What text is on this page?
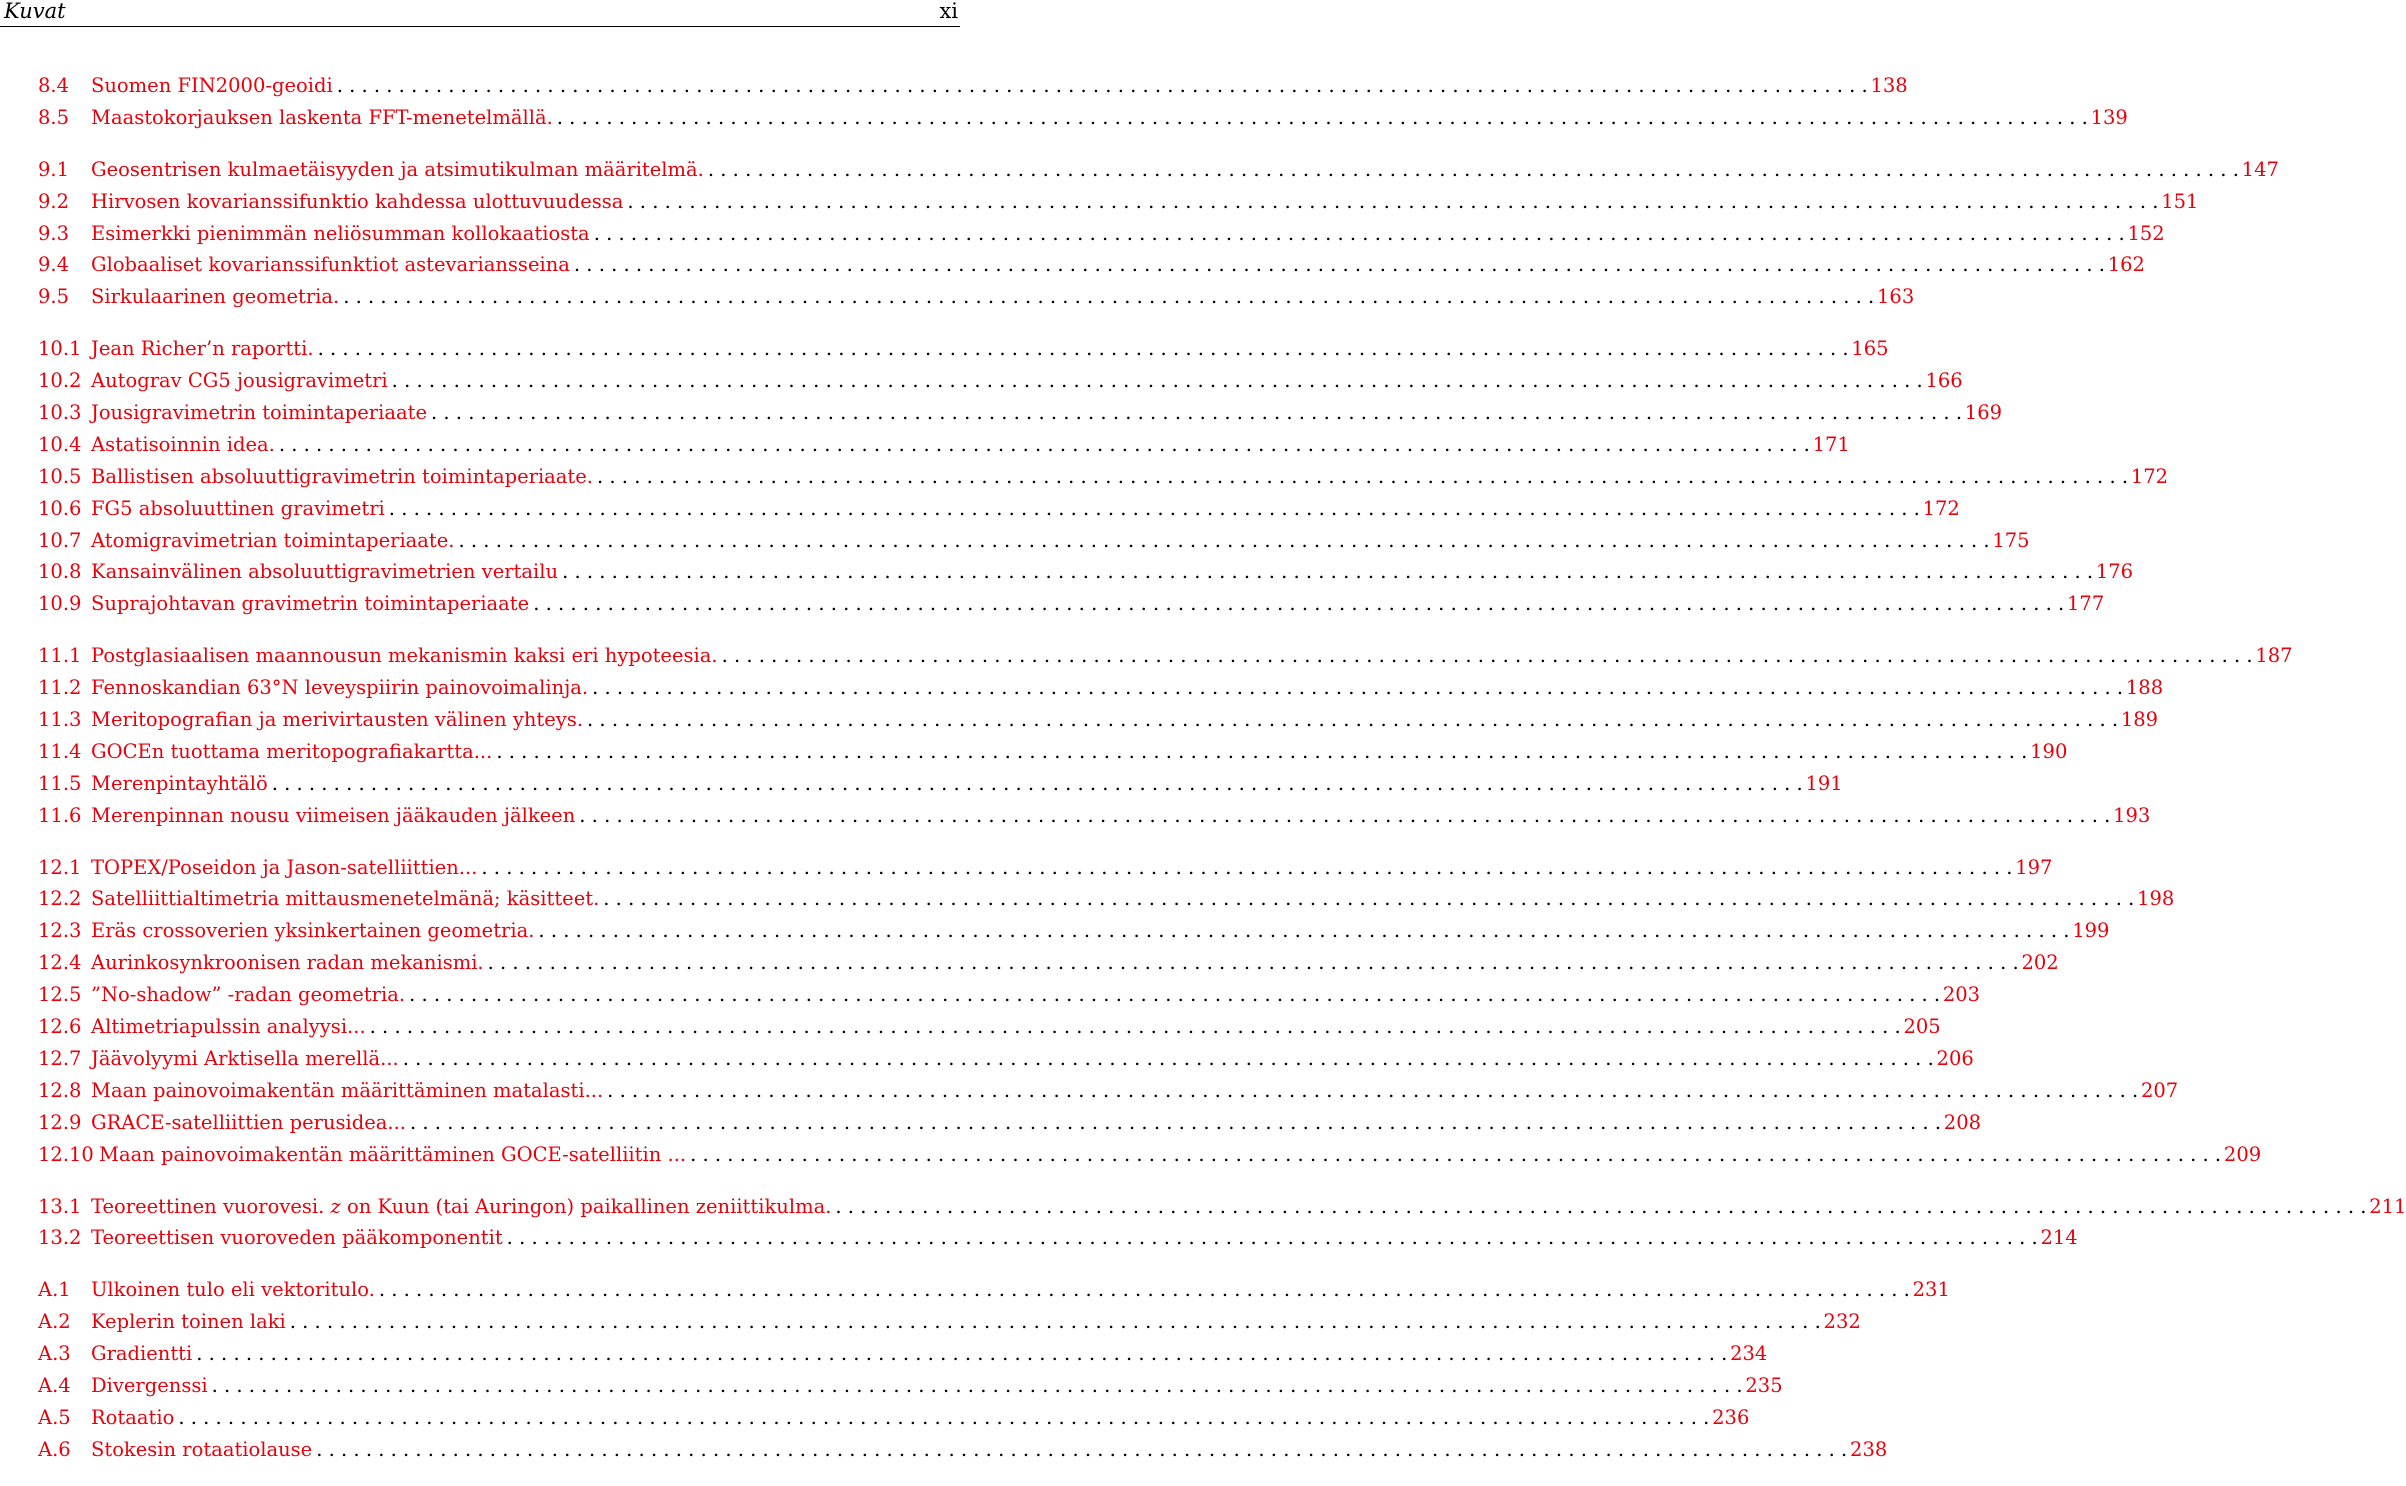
Kuvat	xi
8.4	Suomen FIN2000-geoidi . . .	138
8.5	Maastokorjauksen laskenta FFT-menetelmällä. . . .	139
9.1	Geosentrisen kulmaetäisyyden ja atsimutikulman määritelmä. . . .	147
9.2	Hirvosen kovarianssifunktio kahdessa ulottuvuudessa . . .	151
9.3	Esimerkki pienimmän neliösumman kollokaatiosta . . .	152
9.4	Globaaliset kovarianssifunktiot astevariansseina . . .	162
9.5	Sirkulaarinen geometria. . . .	163
10.1 Jean Richer’n raportti. . . .	165
10.2 Autograv CG5 jousigravimetri . . .	166
10.3 Jousigravimetrin toimintaperiaate . . .	169
10.4 Astatisoinnin idea. . . .	171
10.5 Ballistisen absoluuttigravimetrin toimintaperiaate. . . .	172
10.6 FG5 absoluuttinen gravimetri . . .	172
10.7 Atomigravimetrian toimintaperiaate. . . .	175
10.8 Kansainvälinen absoluuttigravimetrien vertailu . . .	176
10.9 Suprajohtavan gravimetrin toimintaperiaate . . .	177
11.1 Postglasiaalisen maannousun mekanismin kaksi eri hypoteesia. . . .	187
11.2 Fennoskandian 63°N leveyspiirin painovoimalinja. . . .	188
11.3 Meritopografian ja merivirtausten välinen yhteys. . . .	189
11.4 GOCEn tuottama meritopografiakartta... . . .	190
11.5 Merenpintayhtälö . . .	191
11.6 Merenpinnan nousu viimeisen jääkauden jälkeen . . .	193
12.1 TOPEX/Poseidon ja Jason-satelliittien... . . .	197
12.2 Satelliittialtimetria mittausmenetelmänä; käsitteet. . . .	198
12.3 Eräs crossoverien yksinkertainen geometria. . . .	199
12.4 Aurinkosynkroonisen radan mekanismi. . . .	202
12.5 ”No-shadow” -radan geometria. . . .	203
12.6 Altimetriapulssin analyysi... . . .	205
12.7 Jäävolyymi Arktisella merellä... . . .	206
12.8 Maan painovoimakentän määrittäminen matalasti... . . .	207
12.9 GRACE-satelliittien perusidea... . . .	208
12.10 Maan painovoimakentän määrittäminen GOCE-satelliitin ... . . .	209
13.1 Teoreettinen vuorovesi. z on Kuun (tai Auringon) paikallinen zeniittikulma. . . .	211
13.2 Teoreettisen vuoroveden pääkomponentit . . .	214
A.1	Ulkoinen tulo eli vektoritulo. . . .	231
A.2	Keplerin toinen laki . . .	232
A.3	Gradientti . . .	234
A.4	Divergenssi . . .	235
A.5	Rotaatio . . .	236
A.6	Stokesin rotaatiolause . . .	238
